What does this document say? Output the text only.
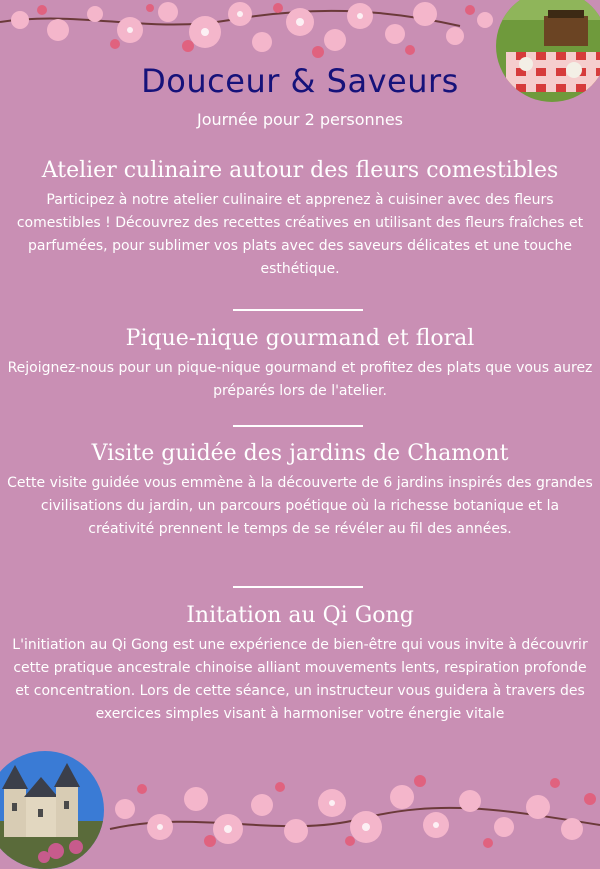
Douceur & Saveurs
Journée pour 2 personnes
Atelier culinaire autour des fleurs comestibles

Participez à notre atelier culinaire et apprenez à cuisiner avec des fleurs comestibles ! Découvrez des recettes créatives en utilisant des fleurs fraîches et parfumées, pour sublimer vos plats avec des saveurs délicates et une touche esthétique.

Pique-nique gourmand et floral

Rejoignez-nous pour un pique-nique gourmand et profitez des plats que vous aurez préparés lors de l'atelier.

Visite guidée des jardins de Chamont

Cette visite guidée vous emmène à la découverte de 6 jardins inspirés des grandes civilisations du jardin, un parcours poétique où la richesse botanique et la créativité prennent le temps de se révéler au fil des années.

Initation au Qi Gong

L'initiation au Qi Gong est une expérience de bien-être qui vous invite à découvrir cette pratique ancestrale chinoise alliant mouvements lents, respiration profonde et concentration. Lors de cette séance, un instructeur vous guidera à travers des exercices simples visant à harmoniser votre énergie vitale
